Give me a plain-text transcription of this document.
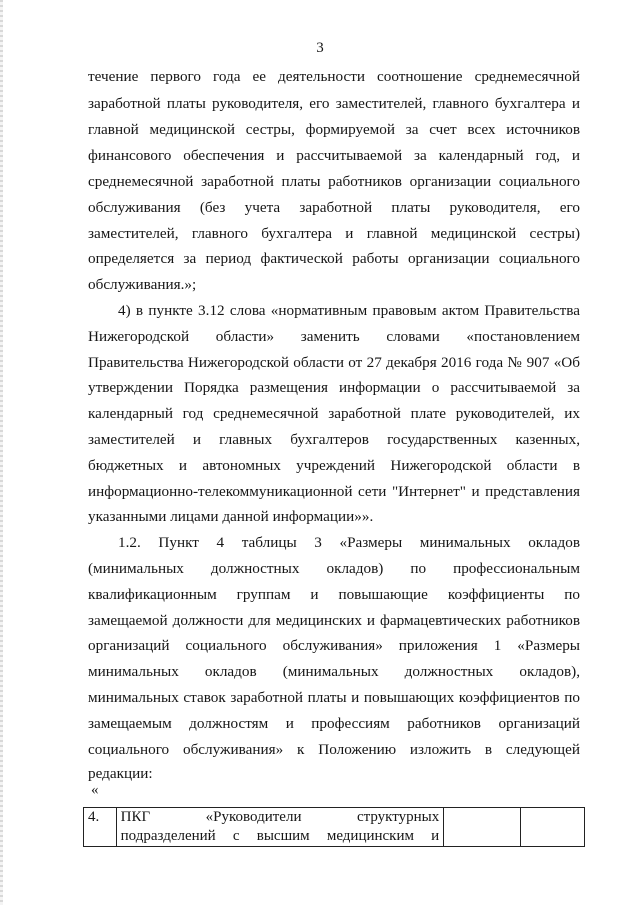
3
течение первого года ее деятельности соотношение среднемесячной
заработной платы руководителя, его заместителей, главного бухгалтера и
главной медицинской сестры, формируемой за счет всех источников
финансового обеспечения и рассчитываемой за календарный год, и
среднемесячной заработной платы работников организации социального
обслуживания (без учета заработной платы руководителя, его
заместителей, главного бухгалтера и главной медицинской сестры)
определяется за период фактической работы организации социального
обслуживания.»;
4) в пункте 3.12 слова «нормативным правовым актом Правительства
Нижегородской области» заменить словами «постановлением
Правительства Нижегородской области от 27 декабря 2016 года № 907 «Об
утверждении Порядка размещения информации о рассчитываемой за
календарный год среднемесячной заработной плате руководителей, их
заместителей и главных бухгалтеров государственных казенных,
бюджетных и автономных учреждений Нижегородской области в
информационно-телекоммуникационной сети "Интернет" и представления
указанными лицами данной информации»».
1.2. Пункт 4 таблицы 3 «Размеры минимальных окладов
(минимальных должностных окладов) по профессиональным
квалификационным группам и повышающие коэффициенты по
замещаемой должности для медицинских и фармацевтических работников
организаций социального обслуживания» приложения 1 «Размеры
минимальных окладов (минимальных должностных окладов),
минимальных ставок заработной платы и повышающих коэффициентов по
замещаемым должностям и профессиям работников организаций
социального обслуживания» к Положению изложить в следующей
редакции:
«
4.	ПКГ «Руководители структурных
подразделений с высшим медицинским и
